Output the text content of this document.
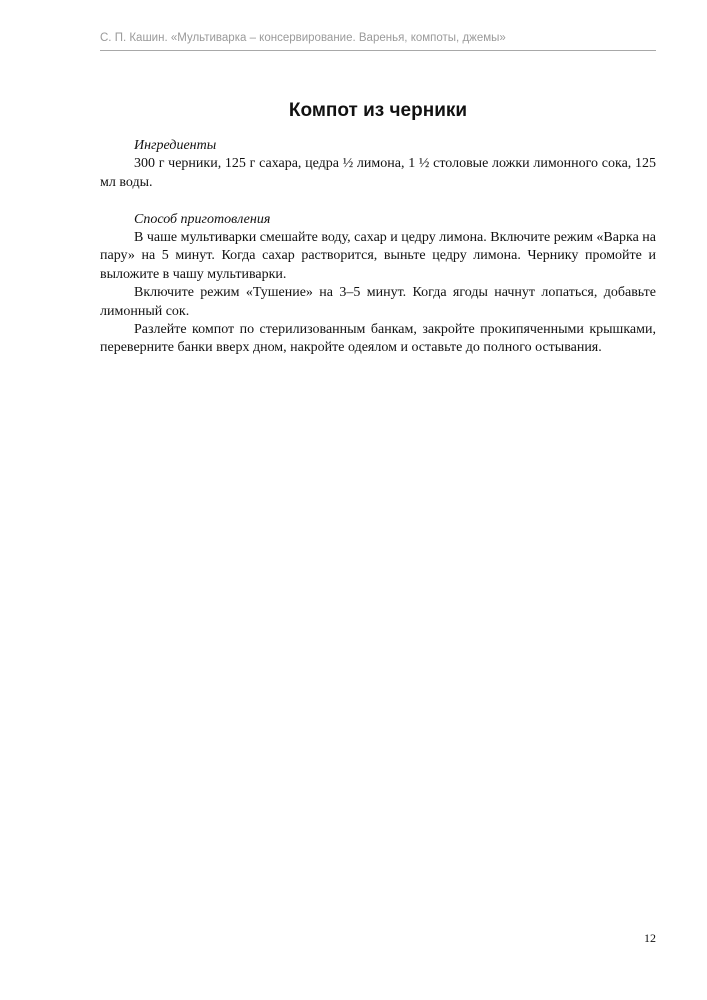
С. П. Кашин. «Мультиварка – консервирование. Варенья, компоты, джемы»
Компот из черники

Ингредиенты

300 г черники, 125 г сахара, цедра ½ лимона, 1 ½ столовые ложки лимонного сока, 125 мл воды.

Способ приготовления

В чаше мультиварки смешайте воду, сахар и цедру лимона. Включите режим «Варка на пару» на 5 минут. Когда сахар растворится, выньте цедру лимона. Чернику промойте и выложите в чашу мультиварки.

Включите режим «Тушение» на 3–5 минут. Когда ягоды начнут лопаться, добавьте лимонный сок.

Разлейте компот по стерилизованным банкам, закройте прокипяченными крышками, переверните банки вверх дном, накройте одеялом и оставьте до полного остывания.

12
